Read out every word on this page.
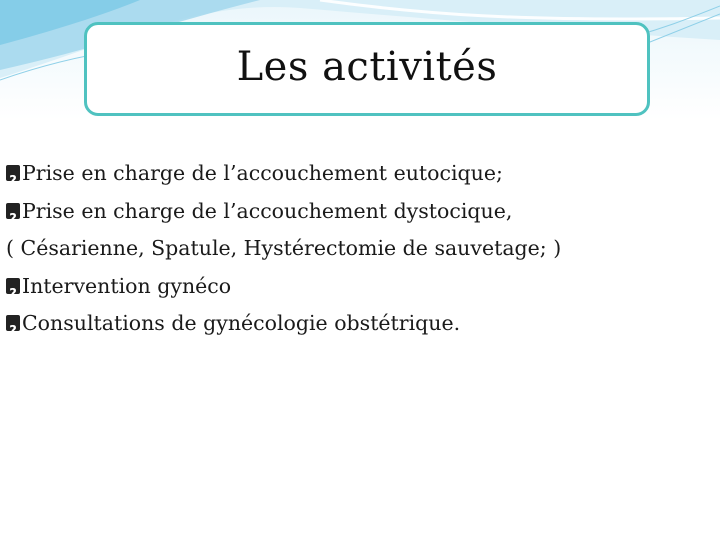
Les activités
?Prise en charge de l’accouchement eutocique;
?Prise en charge de l’accouchement dystocique,
( Césarienne, Spatule, Hystérectomie de sauvetage; )
?Intervention gynéco
?Consultations de gynécologie obstétrique.
